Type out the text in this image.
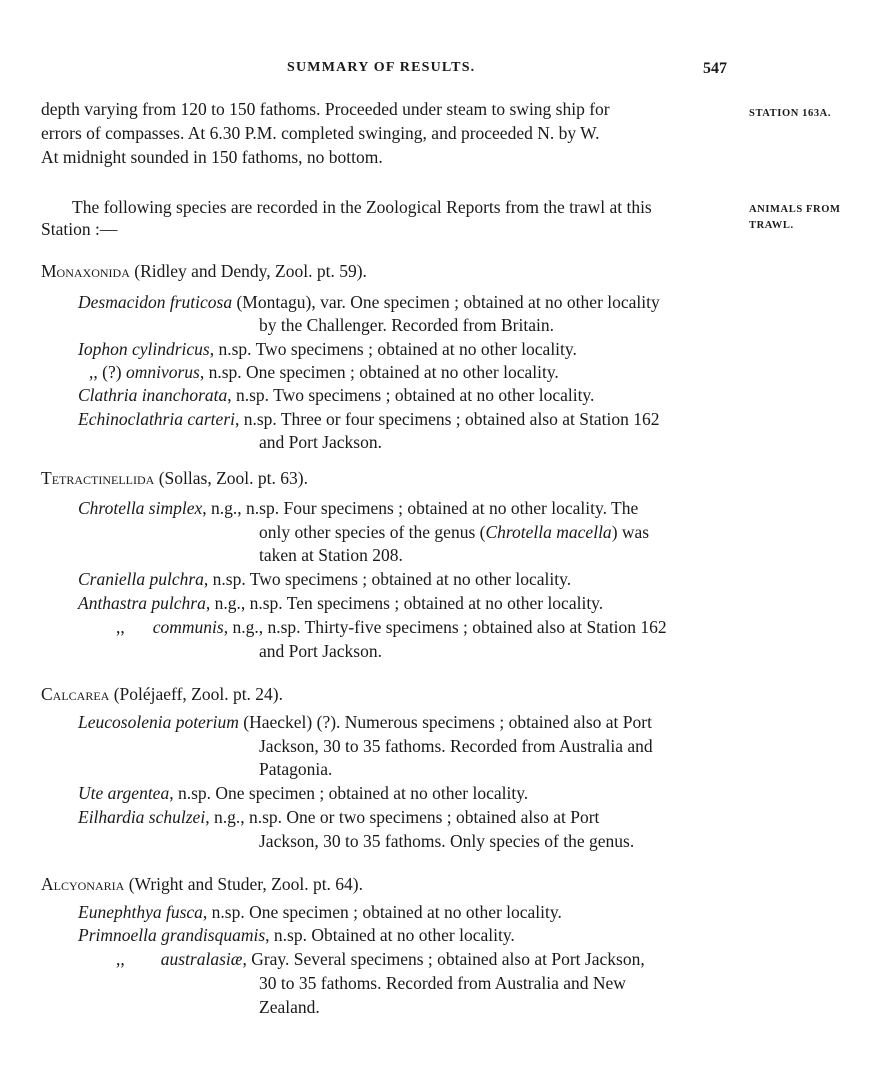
SUMMARY OF RESULTS.	547
depth varying from 120 to 150 fathoms. Proceeded under steam to swing ship for
errors of compasses. At 6.30 P.M. completed swinging, and proceeded N. by W.
At midnight sounded in 150 fathoms, no bottom.
STATION 163A.
The following species are recorded in the Zoological Reports from the trawl at this
Station :—
ANIMALS FROM
TRAWL.
Monaxonida (Ridley and Dendy, Zool. pt. 59).
Desmacidon fruticosa (Montagu), var. One specimen ; obtained at no other locality
by the Challenger. Recorded from Britain.
Iophon cylindricus, n.sp. Two specimens ; obtained at no other locality.
,, (?) omnivorus, n.sp. One specimen ; obtained at no other locality.
Clathria inanchorata, n.sp. Two specimens ; obtained at no other locality.
Echinoclathria carteri, n.sp. Three or four specimens ; obtained also at Station 162
and Port Jackson.
Tetractinellida (Sollas, Zool. pt. 63).
Chrotella simplex, n.g., n.sp. Four specimens ; obtained at no other locality. The
only other species of the genus (Chrotella macella) was
taken at Station 208.
Craniella pulchra, n.sp. Two specimens ; obtained at no other locality.
Anthastra pulchra, n.g., n.sp. Ten specimens ; obtained at no other locality.
,, communis, n.g., n.sp. Thirty-five specimens ; obtained also at Station 162
and Port Jackson.
Calcarea (Poléjaeff, Zool. pt. 24).
Leucosolenia poterium (Haeckel) (?). Numerous specimens ; obtained also at Port
Jackson, 30 to 35 fathoms. Recorded from Australia and
Patagonia.
Ute argentea, n.sp. One specimen ; obtained at no other locality.
Eilhardia schulzei, n.g., n.sp. One or two specimens ; obtained also at Port
Jackson, 30 to 35 fathoms. Only species of the genus.
Alcyonaria (Wright and Studer, Zool. pt. 64).
Eunephthya fusca, n.sp. One specimen ; obtained at no other locality.
Primnoella grandisquamis, n.sp. Obtained at no other locality.
,, australasiæ, Gray. Several specimens ; obtained also at Port Jackson,
30 to 35 fathoms. Recorded from Australia and New
Zealand.
